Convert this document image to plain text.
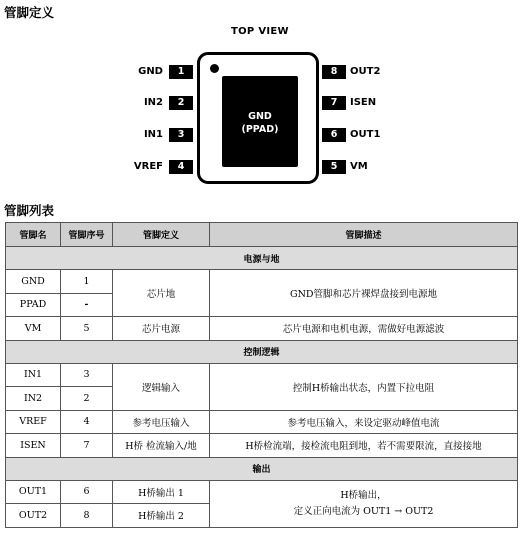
管脚定义
TOP VIEW
GND
(PPAD)
GND	1
IN2	2
IN1	3
VREF	4
8	OUT2
7	ISEN
6	OUT1
5	VM
管脚列表
管脚名	管脚序号	管脚定义	管脚描述
电源与地			
GND	1	芯片地	GND管脚和芯片裸焊盘接到电源地
PPAD	-		
VM	5	芯片电源	芯片电源和电机电源，需做好电源滤波
控制逻辑			
IN1	3	逻辑输入	控制H桥输出状态，内置下拉电阻
IN2	2		
VREF	4	参考电压输入	参考电压输入，来设定驱动峰值电流
ISEN	7	H桥 检流输入/地	H桥检流端，接检流电阻到地，若不需要限流，直接接地
输出			
OUT1	6	H桥输出 1	H桥输出，
定义正向电流为 OUT1 → OUT2

OUT2	8	H桥输出 2	
